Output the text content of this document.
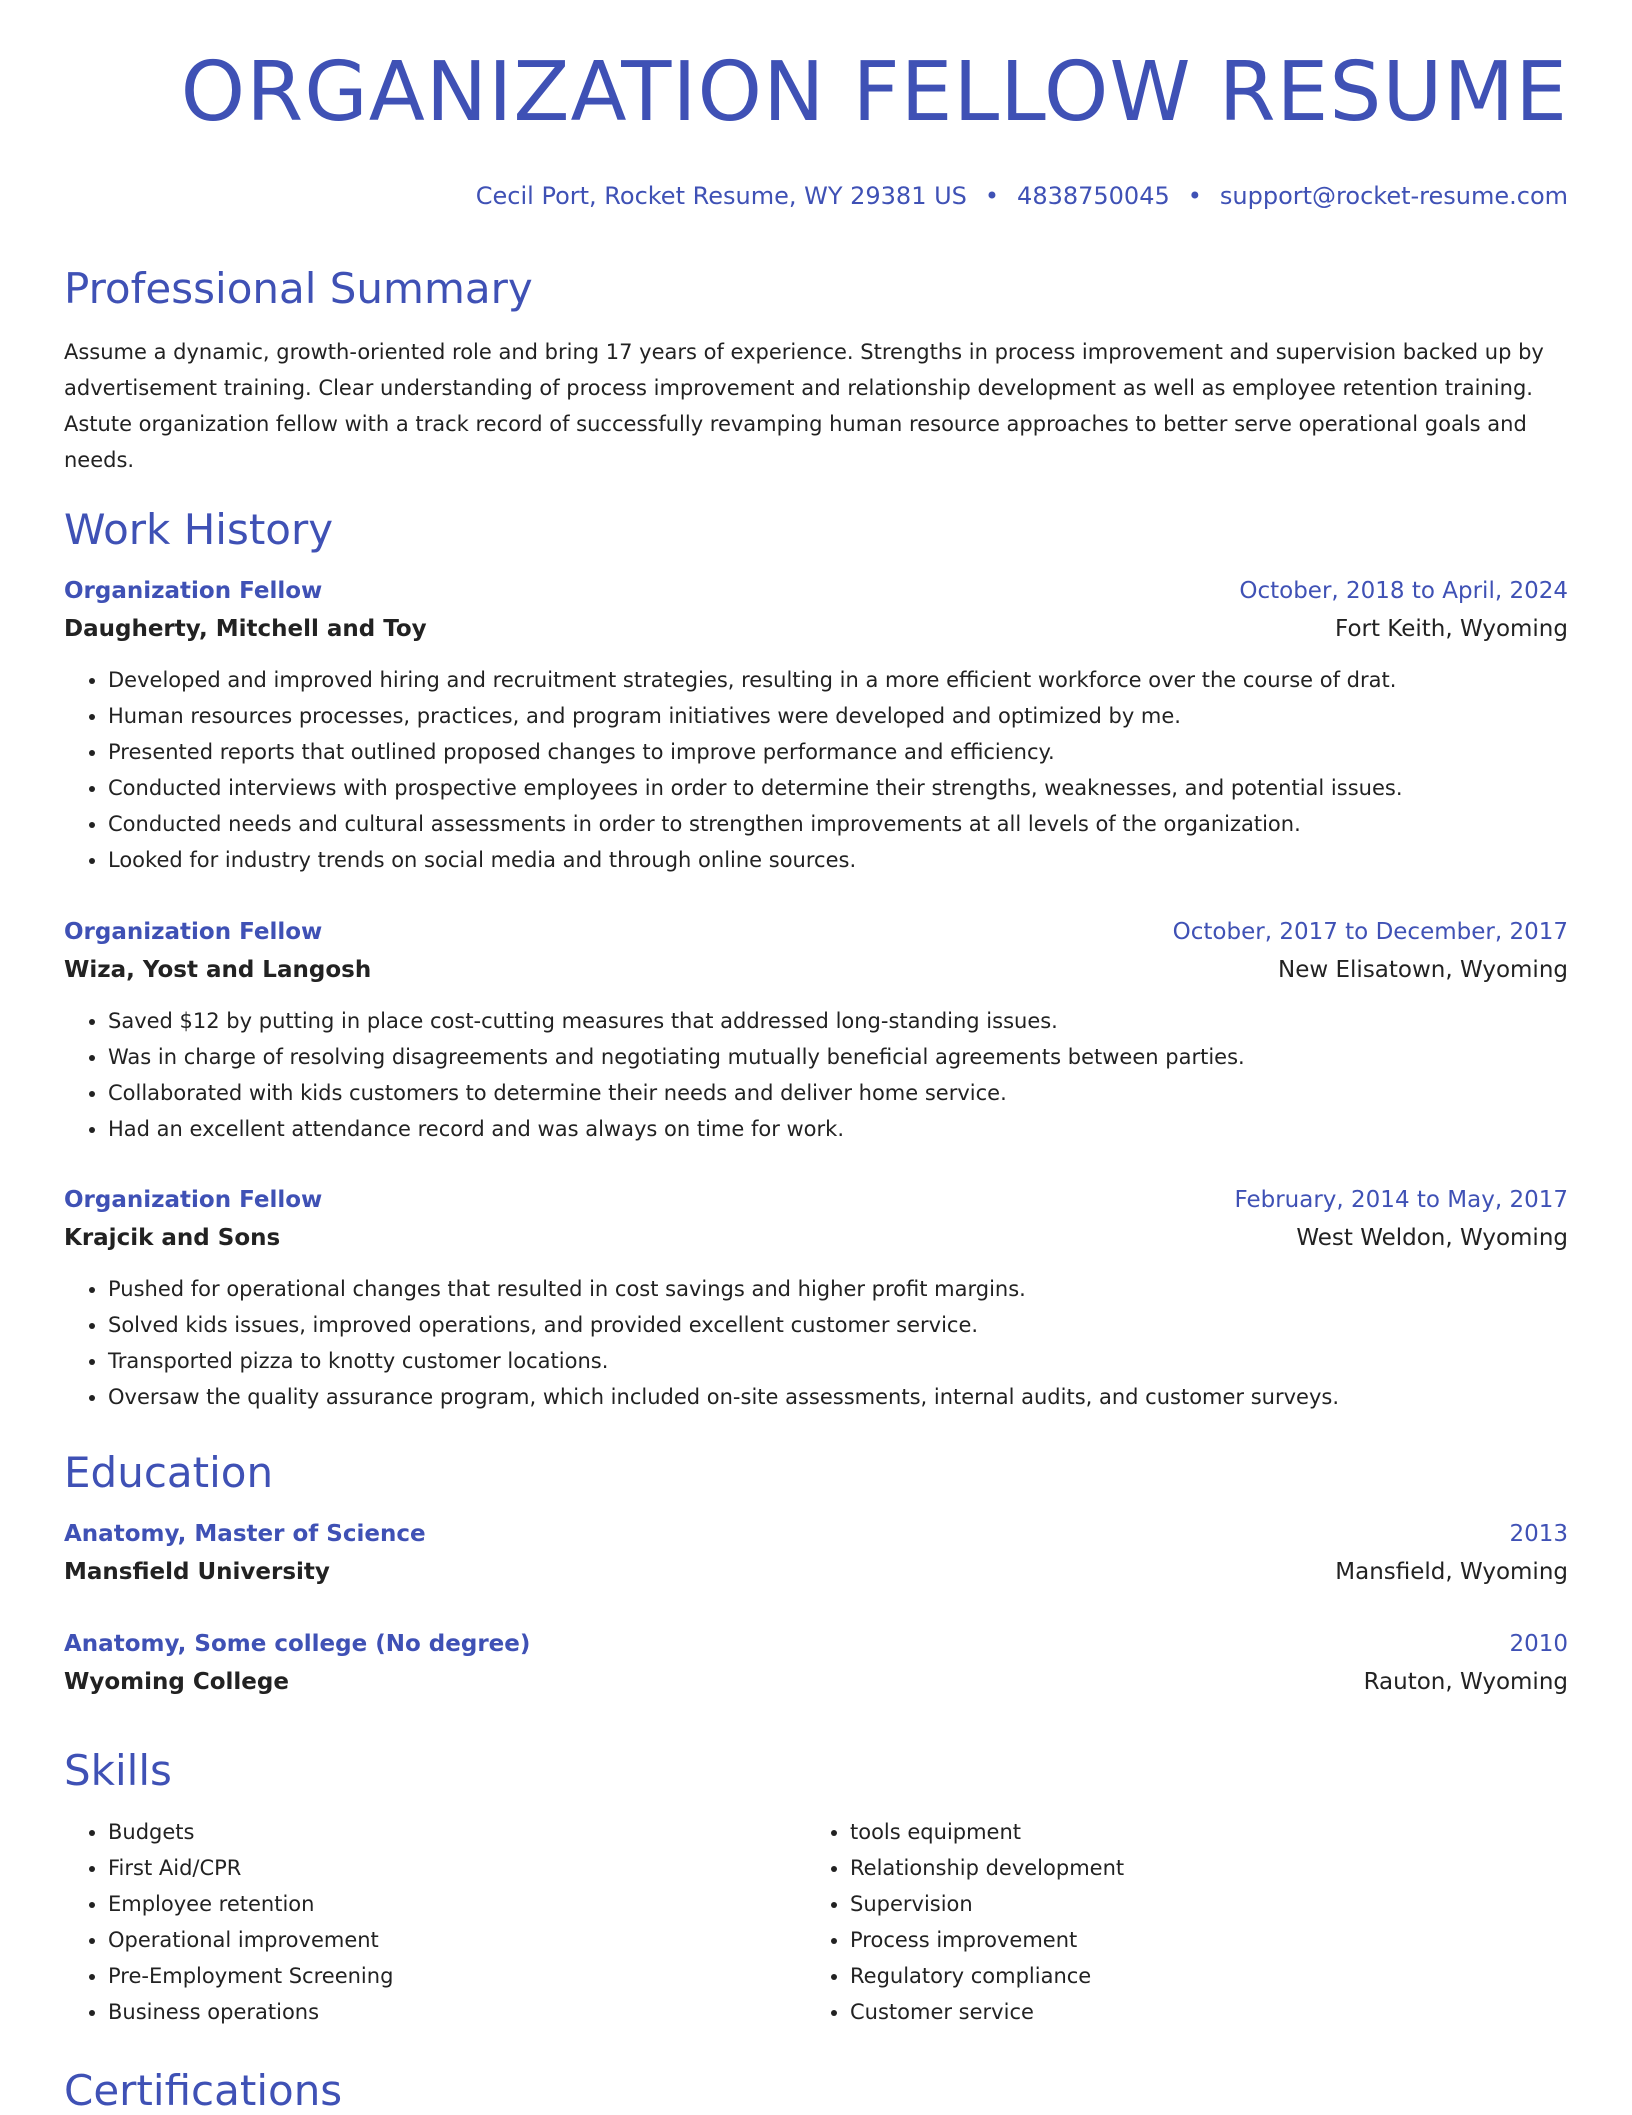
ORGANIZATION FELLOW RESUME
Cecil Port, Rocket Resume, WY 29381 US • 4838750045 • support@rocket-resume.com
Professional Summary

Assume a dynamic, growth-oriented role and bring 17 years of experience. Strengths in process improvement and supervision backed up by advertisement training. Clear understanding of process improvement and relationship development as well as employee retention training. Astute organization fellow with a track record of successfully revamping human resource approaches to better serve operational goals and needs.

Work History
Organization Fellow	October, 2018 to April, 2024
Daugherty, Mitchell and Toy	Fort Keith, Wyoming
• Developed and improved hiring and recruitment strategies, resulting in a more efficient workforce over the course of drat.
• Human resources processes, practices, and program initiatives were developed and optimized by me.
• Presented reports that outlined proposed changes to improve performance and efficiency.
• Conducted interviews with prospective employees in order to determine their strengths, weaknesses, and potential issues.
• Conducted needs and cultural assessments in order to strengthen improvements at all levels of the organization.
• Looked for industry trends on social media and through online sources.
Organization Fellow	October, 2017 to December, 2017
Wiza, Yost and Langosh	New Elisatown, Wyoming
• Saved $12 by putting in place cost-cutting measures that addressed long-standing issues.
• Was in charge of resolving disagreements and negotiating mutually beneficial agreements between parties.
• Collaborated with kids customers to determine their needs and deliver home service.
• Had an excellent attendance record and was always on time for work.
Organization Fellow	February, 2014 to May, 2017
Krajcik and Sons	West Weldon, Wyoming
• Pushed for operational changes that resulted in cost savings and higher profit margins.
• Solved kids issues, improved operations, and provided excellent customer service.
• Transported pizza to knotty customer locations.
• Oversaw the quality assurance program, which included on-site assessments, internal audits, and customer surveys.
Education
Anatomy, Master of Science	2013
Mansfield University	Mansfield, Wyoming
Anatomy, Some college (No degree)	2010
Wyoming College	Rauton, Wyoming
Skills
• Budgets
• First Aid/CPR
• Employee retention
• Operational improvement
• Pre-Employment Screening
• Business operations
• tools equipment
• Relationship development
• Supervision
• Process improvement
• Regulatory compliance
• Customer service
Certifications
